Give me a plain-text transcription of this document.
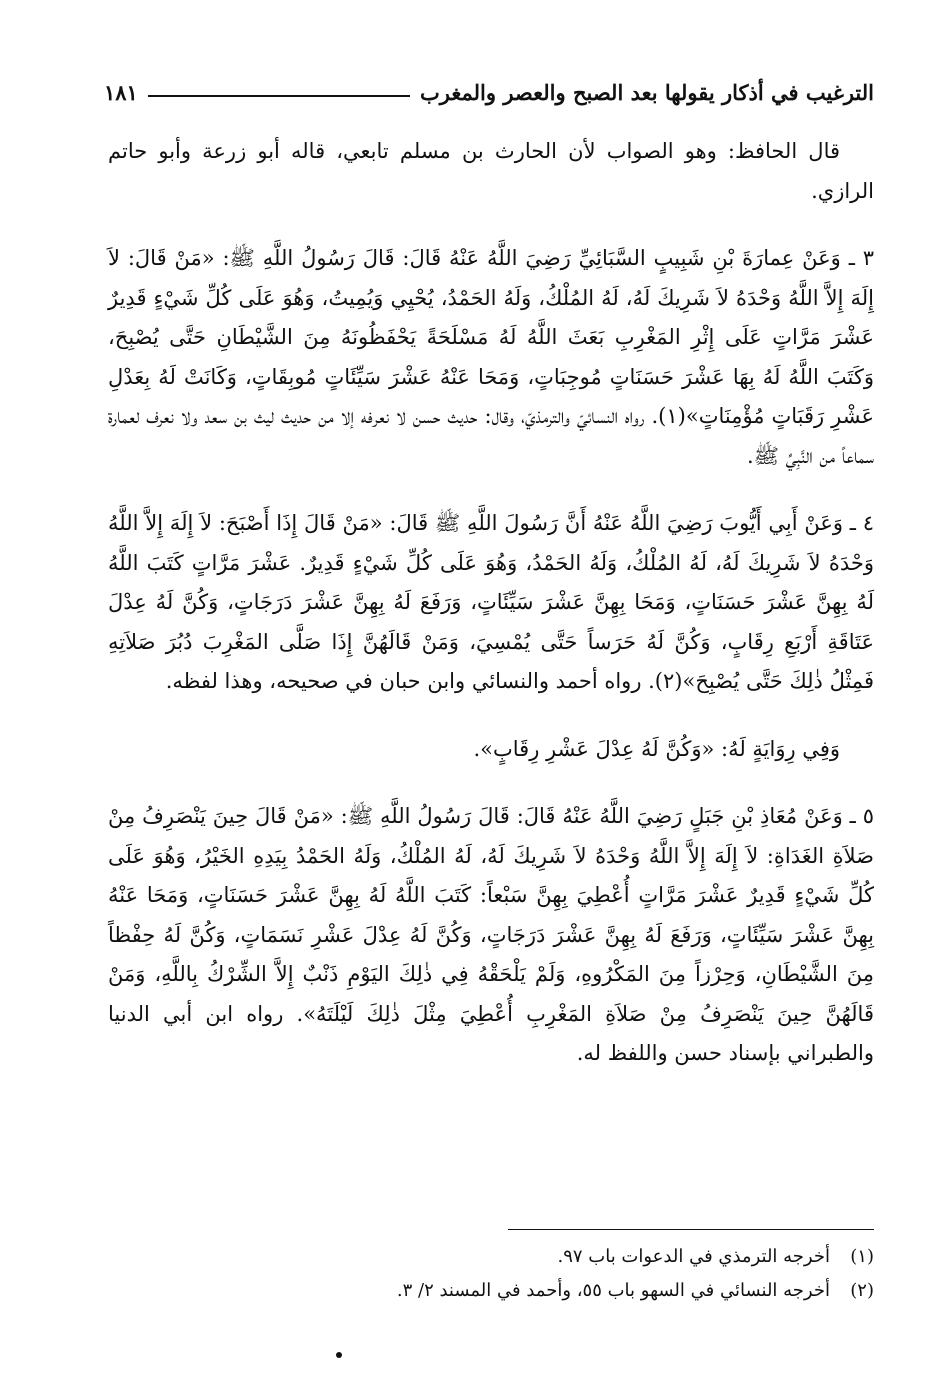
الترغيب في أذكار يقولها بعد الصبح والعصر والمغرب
١٨١

قال الحافظ: وهو الصواب لأن الحارث بن مسلم تابعي، قاله أبو زرعة وأبو حاتم الرازي.

٣ ـ وَعَنْ عِمارَةَ بْنِ شَبِيبٍ السَّبَائِيِّ رَضِيَ اللَّهُ عَنْهُ قَالَ: قَالَ رَسُولُ اللَّهِ ﷺ: «مَنْ قَالَ: لاَ إِلَهَ إِلاَّ اللَّهُ وَحْدَهُ لاَ شَرِيكَ لَهُ، لَهُ المُلْكُ، وَلَهُ الحَمْدُ، يُحْيِي وَيُمِيتُ، وَهُوَ عَلَى كُلِّ شَيْءٍ قَدِيرٌ عَشْرَ مَرَّاتٍ عَلَى إِثْرِ المَغْرِبِ بَعَثَ اللَّهُ لَهُ مَسْلَحَةً يَحْفَظُونَهُ مِنَ الشَّيْطَانِ حَتَّى يُصْبِحَ، وَكَتَبَ اللَّهُ لَهُ بِهَا عَشْرَ حَسَنَاتٍ مُوجِبَاتٍ، وَمَحَا عَنْهُ عَشْرَ سَيِّئَاتٍ مُوبِقَاتٍ، وَكَانَتْ لَهُ بِعَدْلِ عَشْرِ رَقَبَاتٍ مُؤْمِنَاتٍ»(١). رواه النسائيّ والترمذيّ، وقال: حديث حسن لا نعرفه إلا من حديث ليث بن سعد ولا نعرف لعمارة سماعاً من النَّبِيِّ ﷺ.

٤ ـ وَعَنْ أَبِي أَيُّوبَ رَضِيَ اللَّهُ عَنْهُ أَنَّ رَسُولَ اللَّهِ ﷺ قَالَ: «مَنْ قَالَ إِذَا أَصْبَحَ: لاَ إِلَهَ إِلاَّ اللَّهُ وَحْدَهُ لاَ شَرِيكَ لَهُ، لَهُ المُلْكُ، وَلَهُ الحَمْدُ، وَهُوَ عَلَى كُلِّ شَيْءٍ قَدِيرٌ. عَشْرَ مَرَّاتٍ كَتَبَ اللَّهُ لَهُ بِهِنَّ عَشْرَ حَسَنَاتٍ، وَمَحَا بِهِنَّ عَشْرَ سَيِّئَاتٍ، وَرَفَعَ لَهُ بِهِنَّ عَشْرَ دَرَجَاتٍ، وَكُنَّ لَهُ عِدْلَ عَتَاقَةِ أَرْبَعِ رِقَابٍ، وَكُنَّ لَهُ حَرَساً حَتَّى يُمْسِيَ، وَمَنْ قَالَهُنَّ إِذَا صَلَّى المَغْرِبَ دُبُرَ صَلاَتِهِ فَمِثْلُ ذٰلِكَ حَتَّى يُصْبِحَ»(٢). رواه أحمد والنسائي وابن حبان في صحيحه، وهذا لفظه.

وَفِي رِوَايَةٍ لَهُ: «وَكُنَّ لَهُ عِدْلَ عَشْرِ رِقَابٍ».

٥ ـ وَعَنْ مُعَاذِ بْنِ جَبَلٍ رَضِيَ اللَّهُ عَنْهُ قَالَ: قَالَ رَسُولُ اللَّهِ ﷺ: «مَنْ قَالَ حِينَ يَنْصَرِفُ مِنْ صَلاَةِ الغَدَاةِ: لاَ إِلَهَ إِلاَّ اللَّهُ وَحْدَهُ لاَ شَرِيكَ لَهُ، لَهُ المُلْكُ، وَلَهُ الحَمْدُ بِيَدِهِ الخَيْرُ، وَهُوَ عَلَى كُلِّ شَيْءٍ قَدِيرٌ عَشْرَ مَرَّاتٍ أُعْطِيَ بِهِنَّ سَبْعاً: كَتَبَ اللَّهُ لَهُ بِهِنَّ عَشْرَ حَسَنَاتٍ، وَمَحَا عَنْهُ بِهِنَّ عَشْرَ سَيِّئَاتٍ، وَرَفَعَ لَهُ بِهِنَّ عَشْرَ دَرَجَاتٍ، وَكُنَّ لَهُ عِدْلَ عَشْرِ نَسَمَاتٍ، وَكُنَّ لَهُ حِفْظاً مِنَ الشَّيْطَانِ، وَحِرْزاً مِنَ المَكْرُوهِ، وَلَمْ يَلْحَقْهُ فِي ذٰلِكَ اليَوْمِ ذَنْبٌ إِلاَّ الشِّرْكُ بِاللَّهِ، وَمَنْ قَالَهُنَّ حِينَ يَنْصَرِفُ مِنْ صَلاَةِ المَغْرِبِ أُعْطِيَ مِثْلَ ذٰلِكَ لَيْلَتَهُ». رواه ابن أبي الدنيا والطبراني بإسناد حسن واللفظ له.

(١)
أخرجه الترمذي في الدعوات باب ٩٧.
(٢)
أخرجه النسائي في السهو باب ٥٥، وأحمد في المسند ٢/ ٣.
